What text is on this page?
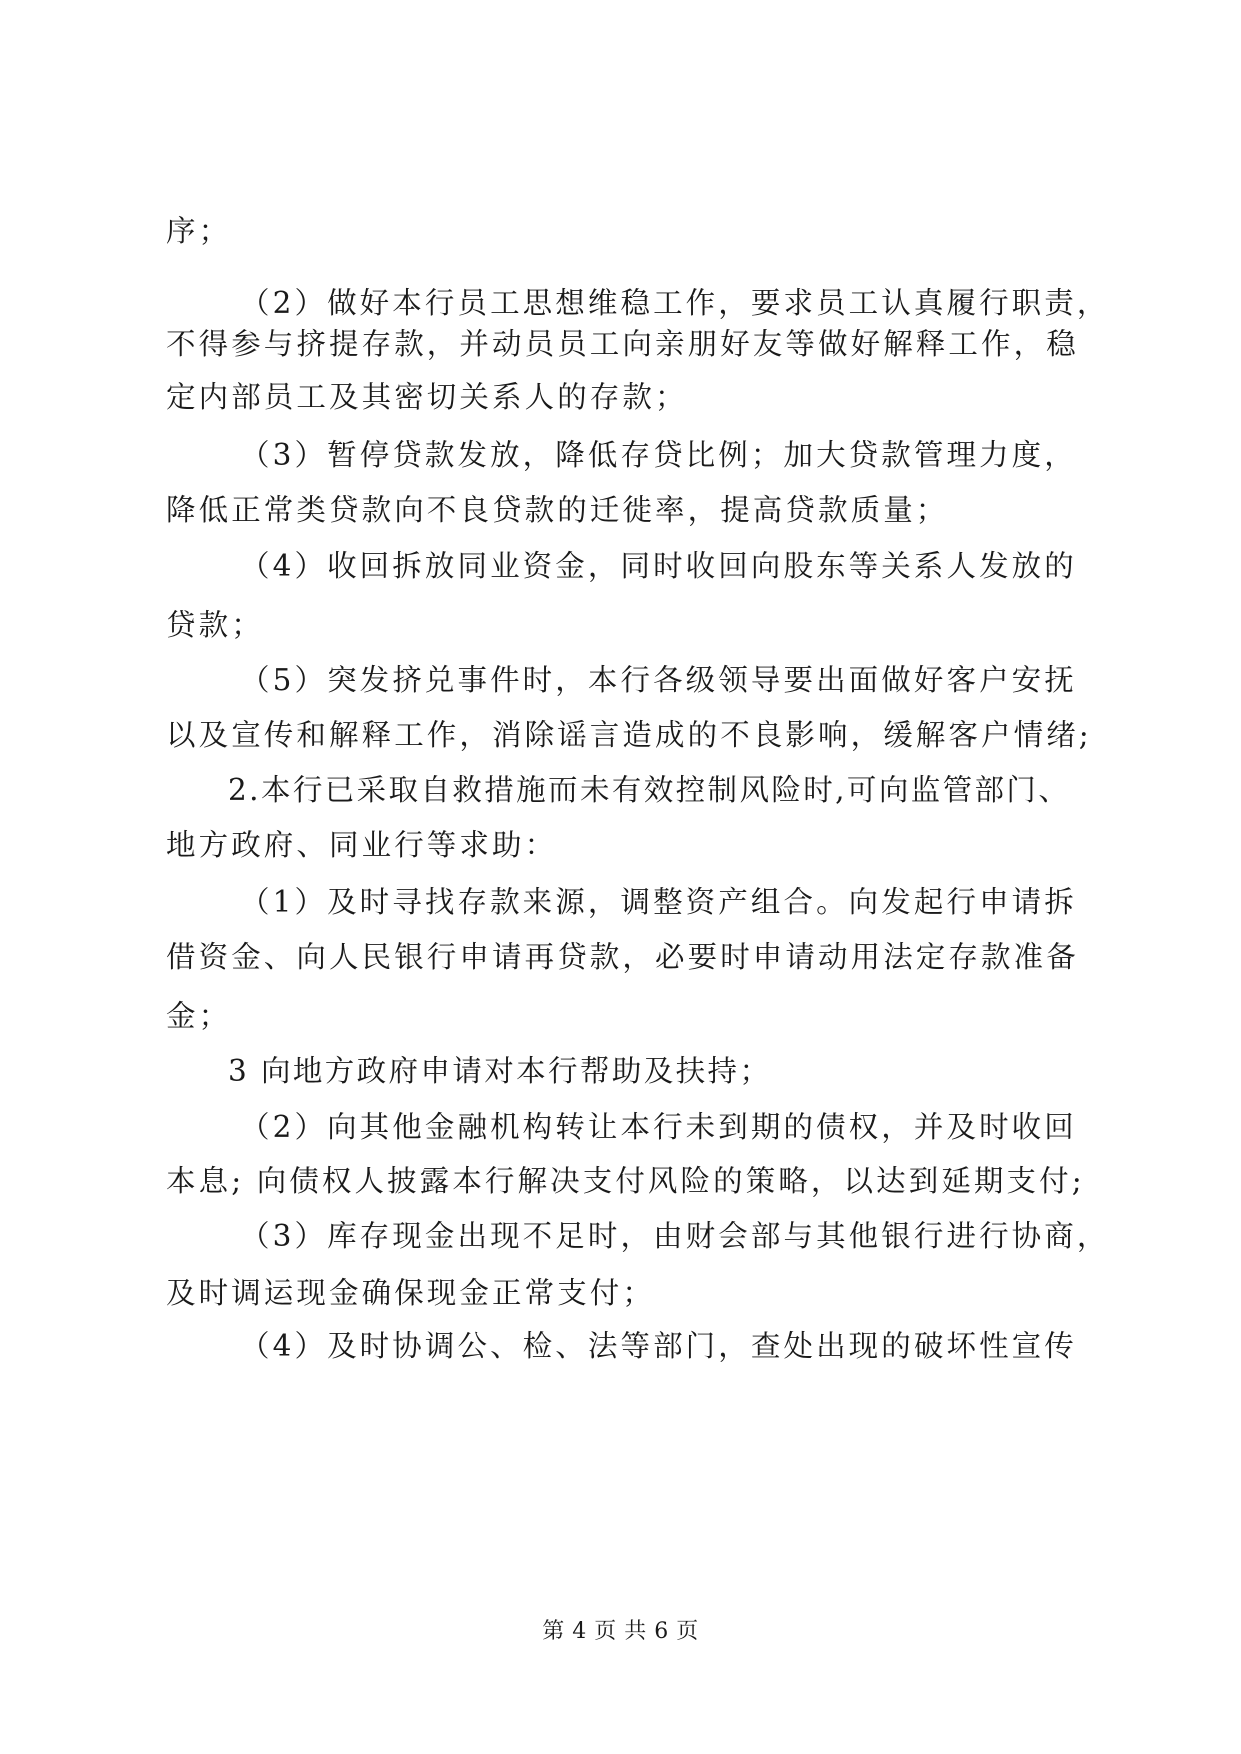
序；
（2）做好本行员工思想维稳工作，要求员工认真履行职责，
不得参与挤提存款，并动员员工向亲朋好友等做好解释工作，稳
定内部员工及其密切关系人的存款；
（3）暂停贷款发放，降低存贷比例；加大贷款管理力度，
降低正常类贷款向不良贷款的迁徙率，提高贷款质量；
（4）收回拆放同业资金，同时收回向股东等关系人发放的
贷款；
（5）突发挤兑事件时，本行各级领导要出面做好客户安抚
以及宣传和解释工作，消除谣言造成的不良影响，缓解客户情绪;
2.本行已采取自救措施而未有效控制风险时,可向监管部门、
地方政府、同业行等求助：
（1）及时寻找存款来源，调整资产组合。向发起行申请拆
借资金、向人民银行申请再贷款，必要时申请动用法定存款准备
金；
3 向地方政府申请对本行帮助及扶持；
（2）向其他金融机构转让本行未到期的债权，并及时收回
本息; 向债权人披露本行解决支付风险的策略，以达到延期支付;
（3）库存现金出现不足时，由财会部与其他银行进行协商，
及时调运现金确保现金正常支付；
（4）及时协调公、检、法等部门，查处出现的破坏性宣传
第 4 页 共 6 页
